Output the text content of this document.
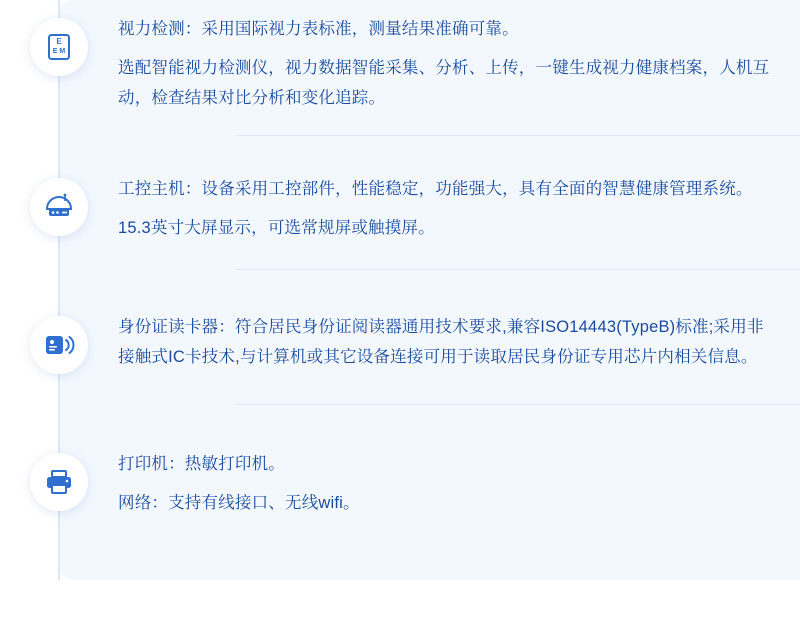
E
E M

视力检测：采用国际视力表标准，测量结果准确可靠。

选配智能视力检测仪，视力数据智能采集、分析、上传，一键生成视力健康档案，人机互动，检查结果对比分析和变化追踪。

工控主机：设备采用工控部件，性能稳定，功能强大，具有全面的智慧健康管理系统。

15.3英寸大屏显示，可选常规屏或触摸屏。

身份证读卡器：符合居民身份证阅读器通用技术要求,兼容ISO14443(TypeB)标准;采用非接触式IC卡技术,与计算机或其它设备连接可用于读取居民身份证专用芯片内相关信息。

打印机：热敏打印机。

网络：支持有线接口、无线wifi。
